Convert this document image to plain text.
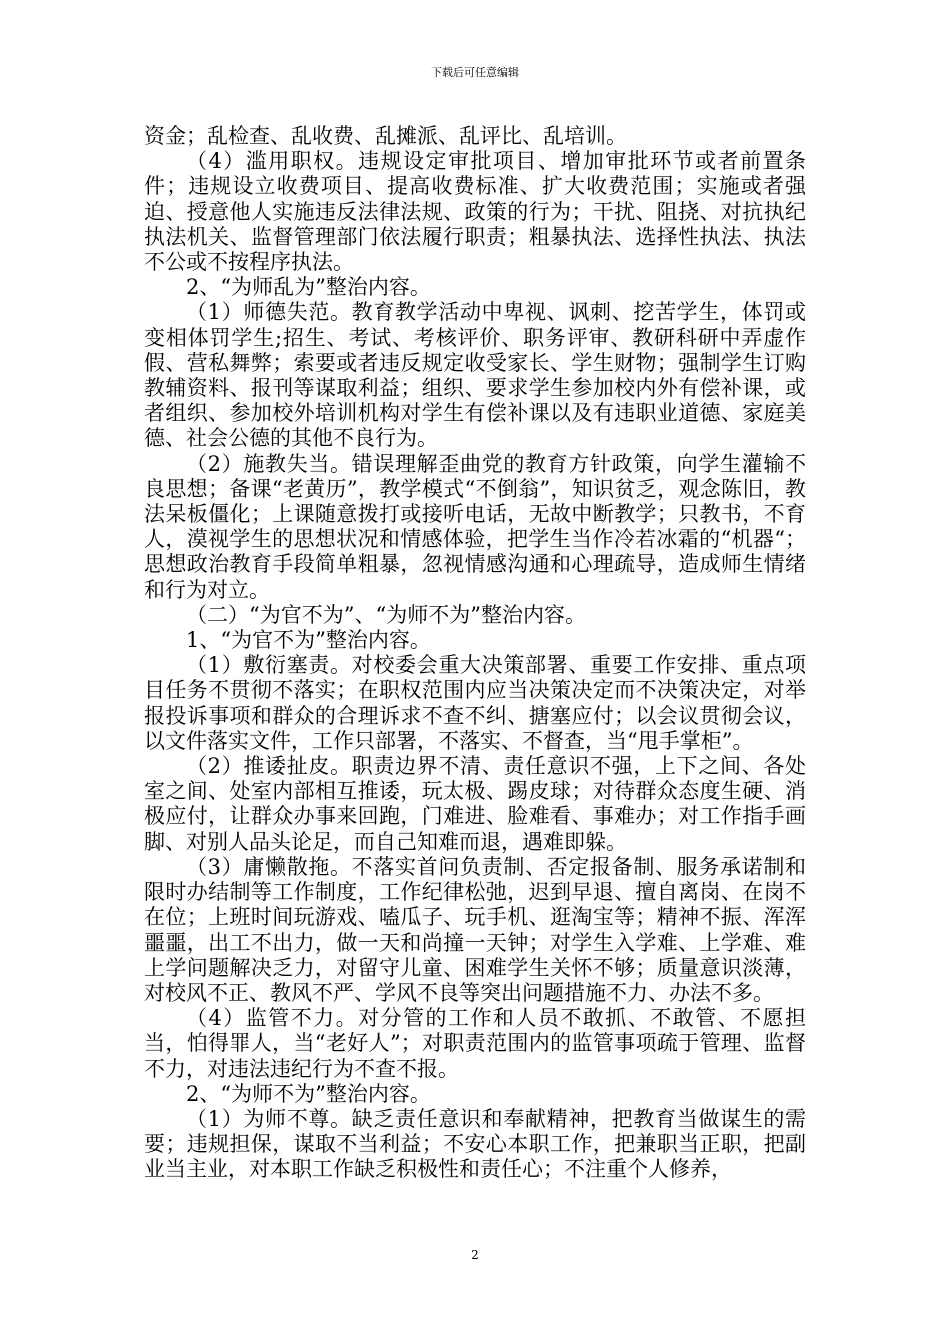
下载后可任意编辑

资金；乱检查、乱收费、乱摊派、乱评比、乱培训。

（4）滥用职权。违规设定审批项目、增加审批环节或者前置条件；违规设立收费项目、提高收费标准、扩大收费范围；实施或者强迫、授意他人实施违反法律法规、政策的行为；干扰、阻挠、对抗执纪执法机关、监督管理部门依法履行职责；粗暴执法、选择性执法、执法不公或不按程序执法。

2、“为师乱为”整治内容。

（1）师德失范。教育教学活动中卑视、讽刺、挖苦学生，体罚或变相体罚学生;招生、考试、考核评价、职务评审、教研科研中弄虚作假、营私舞弊；索要或者违反规定收受家长、学生财物；强制学生订购教辅资料、报刊等谋取利益；组织、要求学生参加校内外有偿补课，或者组织、参加校外培训机构对学生有偿补课以及有违职业道德、家庭美德、社会公德的其他不良行为。

（2）施教失当。错误理解歪曲党的教育方针政策，向学生灌输不良思想；备课“老黄历”，教学模式“不倒翁”，知识贫乏，观念陈旧，教法呆板僵化；上课随意拨打或接听电话，无故中断教学；只教书，不育人，漠视学生的思想状况和情感体验，把学生当作冷若冰霜的“机器“；思想政治教育手段简单粗暴，忽视情感沟通和心理疏导，造成师生情绪和行为对立。

（二）“为官不为”、“为师不为”整治内容。

1、“为官不为”整治内容。

（1）敷衍塞责。对校委会重大决策部署、重要工作安排、重点项目任务不贯彻不落实；在职权范围内应当决策决定而不决策决定，对举报投诉事项和群众的合理诉求不查不纠、搪塞应付；以会议贯彻会议，以文件落实文件，工作只部署，不落实、不督查，当“甩手掌柜”。

（2）推诿扯皮。职责边界不清、责任意识不强，上下之间、各处室之间、处室内部相互推诿，玩太极、踢皮球；对待群众态度生硬、消极应付，让群众办事来回跑，门难进、脸难看、事难办；对工作指手画脚、对别人品头论足，而自己知难而退，遇难即躲。

（3）庸懒散拖。不落实首问负责制、否定报备制、服务承诺制和限时办结制等工作制度，工作纪律松弛，迟到早退、擅自离岗、在岗不在位；上班时间玩游戏、嗑瓜子、玩手机、逛淘宝等；精神不振、浑浑噩噩，出工不出力，做一天和尚撞一天钟；对学生入学难、上学难、难上学问题解决乏力，对留守儿童、困难学生关怀不够；质量意识淡薄，对校风不正、教风不严、学风不良等突出问题措施不力、办法不多。

（4）监管不力。对分管的工作和人员不敢抓、不敢管、不愿担当，怕得罪人，当“老好人”；对职责范围内的监管事项疏于管理、监督不力，对违法违纪行为不查不报。

2、“为师不为”整治内容。

（1）为师不尊。缺乏责任意识和奉献精神，把教育当做谋生的需要；违规担保，谋取不当利益；不安心本职工作，把兼职当正职，把副业当主业，对本职工作缺乏积极性和责任心；不注重个人修养，

2
